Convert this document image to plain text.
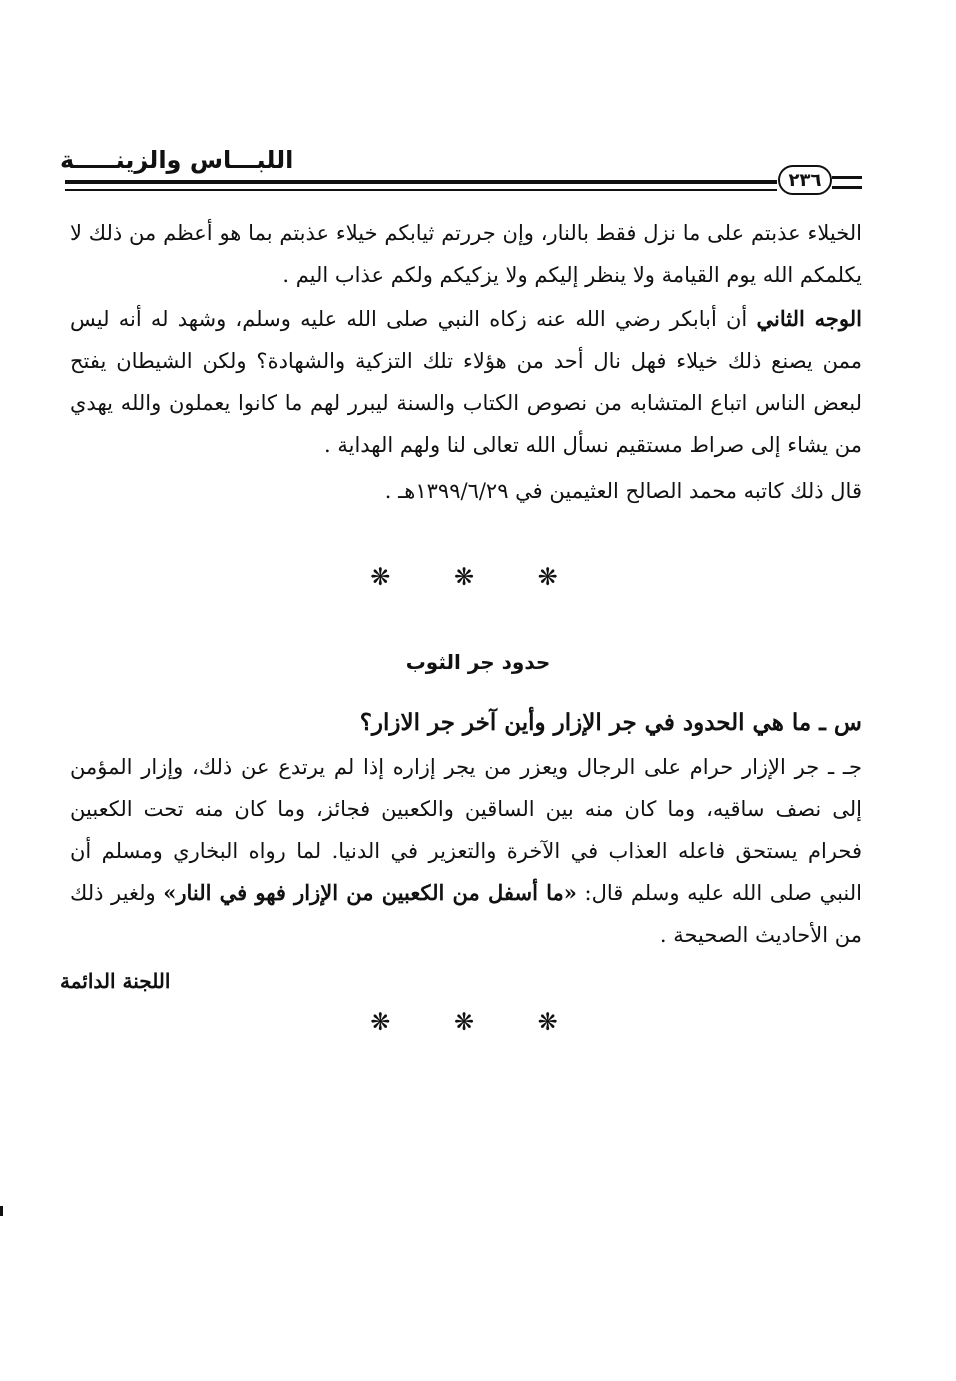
اللبـــاس والزينـــــة
٢٣٦

الخيلاء عذبتم على ما نزل فقط بالنار، وإن جررتم ثيابكم خيلاء عذبتم بما هو أعظم من ذلك لا يكلمكم الله يوم القيامة ولا ينظر إليكم ولا يزكيكم ولكم عذاب اليم .

الوجه الثاني أن أبابكر رضي الله عنه زكاه النبي صلى الله عليه وسلم، وشهد له أنه ليس ممن يصنع ذلك خيلاء فهل نال أحد من هؤلاء تلك التزكية والشهادة؟ ولكن الشيطان يفتح لبعض الناس اتباع المتشابه من نصوص الكتاب والسنة ليبرر لهم ما كانوا يعملون والله يهدي من يشاء إلى صراط مستقيم نسأل الله تعالى لنا ولهم الهداية .

قال ذلك كاتبه محمد الصالح العثيمين في ١٣٩٩/٦/٢٩هـ .

❋ ❋ ❋
حدود جر الثوب

س ـ ما هي الحدود في جر الإزار وأين آخر جر الازار؟

جـ ـ جر الإزار حرام على الرجال ويعزر من يجر إزاره إذا لم يرتدع عن ذلك، وإزار المؤمن إلى نصف ساقيه، وما كان منه بين الساقين والكعبين فجائز، وما كان منه تحت الكعبين فحرام يستحق فاعله العذاب في الآخرة والتعزير في الدنيا. لما رواه البخاري ومسلم أن النبي صلى الله عليه وسلم قال: «ما أسفل من الكعبين من الإزار فهو في النار» ولغير ذلك من الأحاديث الصحيحة .

اللجنة الدائمة
❋ ❋ ❋
